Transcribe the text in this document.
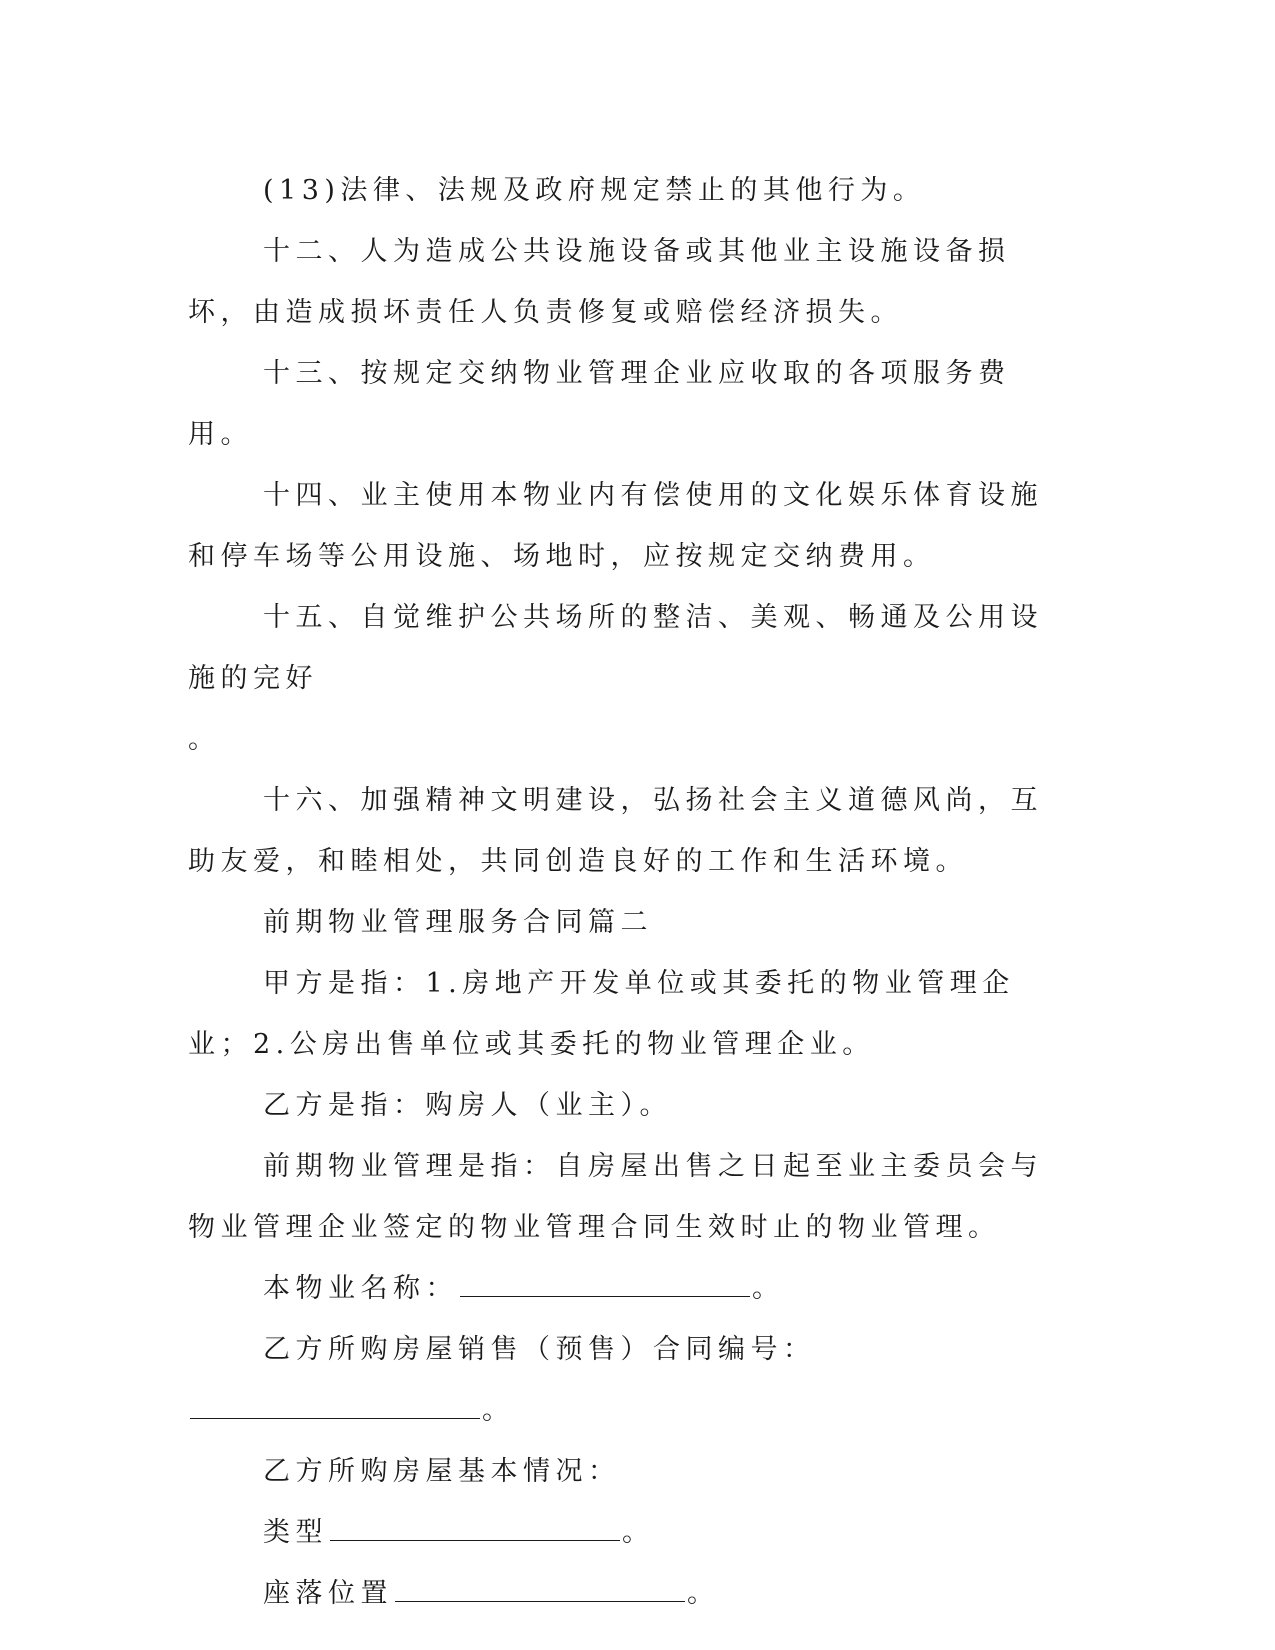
(13)法律、法规及政府规定禁止的其他行为。

十二、人为造成公共设施设备或其他业主设施设备损坏，由造成损坏责任人负责修复或赔偿经济损失。

十三、按规定交纳物业管理企业应收取的各项服务费用。

十四、业主使用本物业内有偿使用的文化娱乐体育设施和停车场等公用设施、场地时，应按规定交纳费用。

十五、自觉维护公共场所的整洁、美观、畅通及公用设施的完好

。

十六、加强精神文明建设，弘扬社会主义道德风尚，互助友爱，和睦相处，共同创造良好的工作和生活环境。

前期物业管理服务合同篇二

甲方是指：1.房地产开发单位或其委托的物业管理企业；2.公房出售单位或其委托的物业管理企业。

乙方是指：购房人（业主）。

前期物业管理是指：自房屋出售之日起至业主委员会与物业管理企业签定的物业管理合同生效时止的物业管理。

本物业名称：	。

乙方所购房屋销售（预售）合同编号：。

乙方所购房屋基本情况：

类型	。

座落位置	。
